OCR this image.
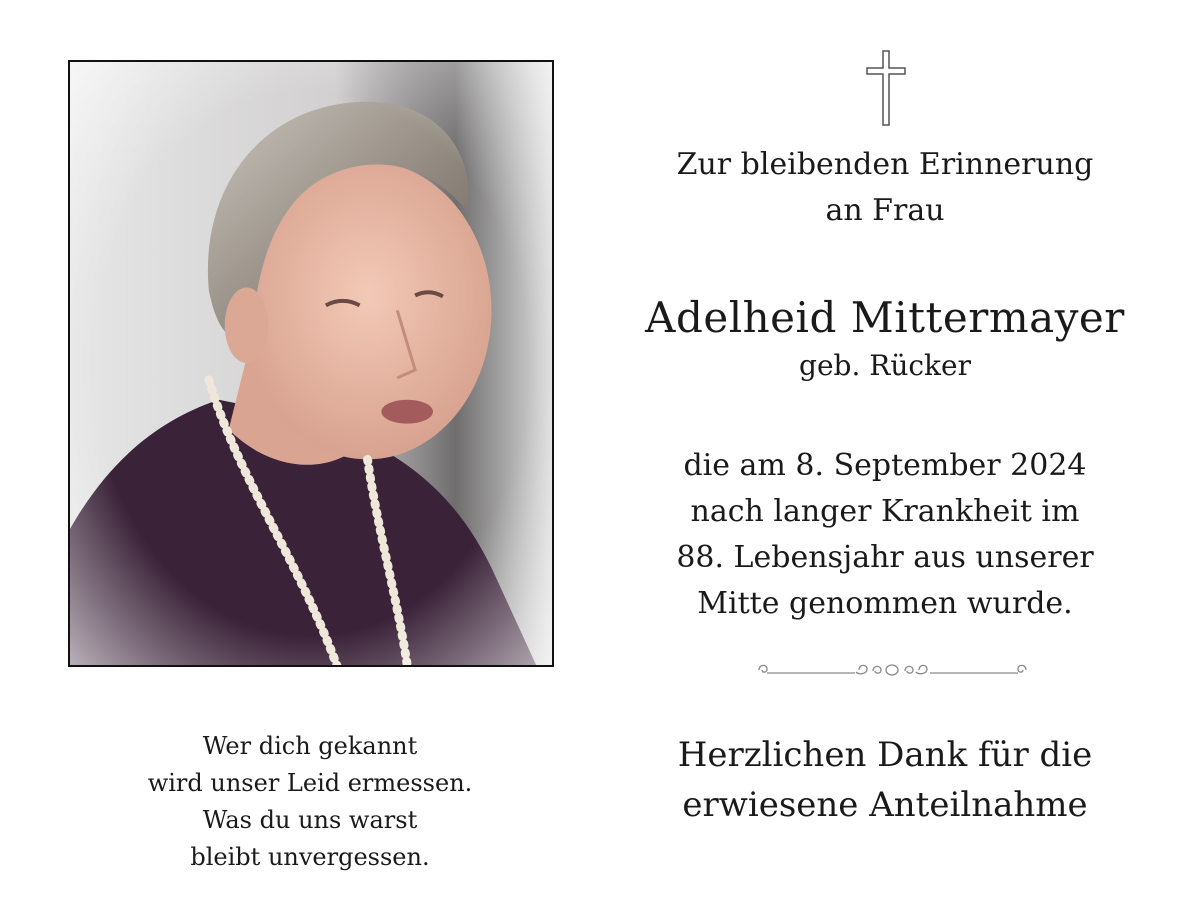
Zur bleibenden Erinnerung
an Frau
Adelheid Mittermayer
geb. Rücker
die am 8. September 2024
nach langer Krankheit im
88. Lebensjahr aus unserer
Mitte genommen wurde.
Herzlichen Dank für die
erwiesene Anteilnahme
Wer dich gekannt
wird unser Leid ermessen.
Was du uns warst
bleibt unvergessen.
